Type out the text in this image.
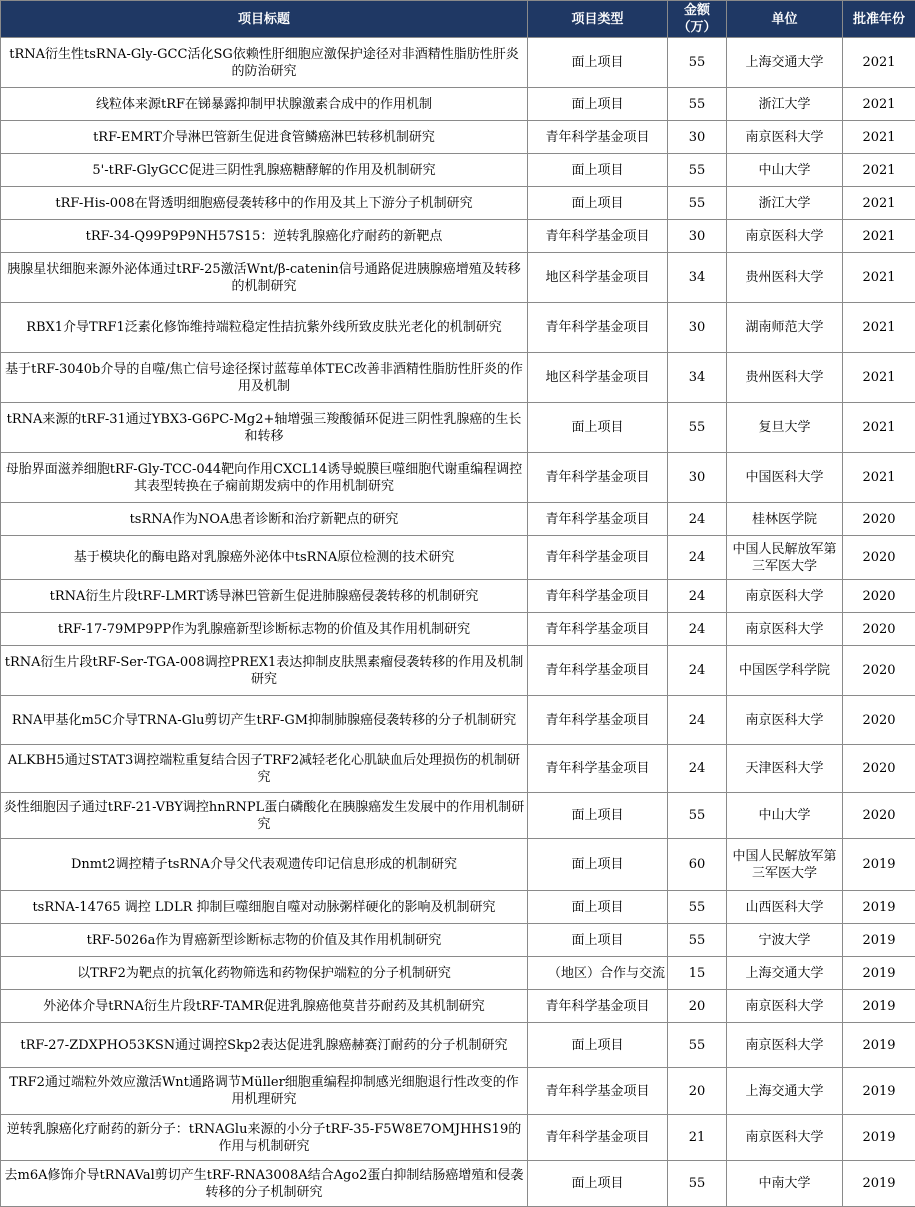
项目标题	项目类型	金额（万）	单位	批准年份
tRNA衍生性tsRNA-Gly-GCC活化SG依赖性肝细胞应激保护途径对非酒精性脂肪性肝炎的防治研究	面上项目	55	上海交通大学	2021
线粒体来源tRF在锑暴露抑制甲状腺激素合成中的作用机制	面上项目	55	浙江大学	2021
tRF-EMRT介导淋巴管新生促进食管鳞癌淋巴转移机制研究	青年科学基金项目	30	南京医科大学	2021
5'-tRF-GlyGCC促进三阴性乳腺癌糖酵解的作用及机制研究	面上项目	55	中山大学	2021
tRF-His-008在肾透明细胞癌侵袭转移中的作用及其上下游分子机制研究	面上项目	55	浙江大学	2021
tRF-34-Q99P9P9NH57S15：逆转乳腺癌化疗耐药的新靶点	青年科学基金项目	30	南京医科大学	2021
胰腺星状细胞来源外泌体通过tRF-25激活Wnt/β-catenin信号通路促进胰腺癌增殖及转移的机制研究	地区科学基金项目	34	贵州医科大学	2021
RBX1介导TRF1泛素化修饰维持端粒稳定性拮抗紫外线所致皮肤光老化的机制研究	青年科学基金项目	30	湖南师范大学	2021
基于tRF-3040b介导的自噬/焦亡信号途径探讨蓝莓单体TEC改善非酒精性脂肪性肝炎的作用及机制	地区科学基金项目	34	贵州医科大学	2021
tRNA来源的tRF-31通过YBX3-G6PC-Mg2+轴增强三羧酸循环促进三阴性乳腺癌的生长和转移	面上项目	55	复旦大学	2021
母胎界面滋养细胞tRF-Gly-TCC-044靶向作用CXCL14诱导蜕膜巨噬细胞代谢重编程调控其表型转换在子痫前期发病中的作用机制研究	青年科学基金项目	30	中国医科大学	2021
tsRNA作为NOA患者诊断和治疗新靶点的研究	青年科学基金项目	24	桂林医学院	2020
基于模块化的酶电路对乳腺癌外泌体中tsRNA原位检测的技术研究	青年科学基金项目	24	中国人民解放军第三军医大学	2020
tRNA衍生片段tRF-LMRT诱导淋巴管新生促进肺腺癌侵袭转移的机制研究	青年科学基金项目	24	南京医科大学	2020
tRF-17-79MP9PP作为乳腺癌新型诊断标志物的价值及其作用机制研究	青年科学基金项目	24	南京医科大学	2020
tRNA衍生片段tRF-Ser-TGA-008调控PREX1表达抑制皮肤黑素瘤侵袭转移的作用及机制研究	青年科学基金项目	24	中国医学科学院	2020
RNA甲基化m5C介导TRNA-Glu剪切产生tRF-GM抑制肺腺癌侵袭转移的分子机制研究	青年科学基金项目	24	南京医科大学	2020
ALKBH5通过STAT3调控端粒重复结合因子TRF2减轻老化心肌缺血后处理损伤的机制研究	青年科学基金项目	24	天津医科大学	2020
炎性细胞因子通过tRF-21-VBY调控hnRNPL蛋白磷酸化在胰腺癌发生发展中的作用机制研究	面上项目	55	中山大学	2020
Dnmt2调控精子tsRNA介导父代表观遗传印记信息形成的机制研究	面上项目	60	中国人民解放军第三军医大学	2019
tsRNA-14765 调控 LDLR 抑制巨噬细胞自噬对动脉粥样硬化的影响及机制研究	面上项目	55	山西医科大学	2019
tRF-5026a作为胃癌新型诊断标志物的价值及其作用机制研究	面上项目	55	宁波大学	2019
以TRF2为靶点的抗氧化药物筛选和药物保护端粒的分子机制研究	（地区）合作与交流	15	上海交通大学	2019
外泌体介导tRNA衍生片段tRF-TAMR促进乳腺癌他莫昔芬耐药及其机制研究	青年科学基金项目	20	南京医科大学	2019
tRF-27-ZDXPHO53KSN通过调控Skp2表达促进乳腺癌赫赛汀耐药的分子机制研究	面上项目	55	南京医科大学	2019
TRF2通过端粒外效应激活Wnt通路调节Müller细胞重编程抑制感光细胞退行性改变的作用机理研究	青年科学基金项目	20	上海交通大学	2019
逆转乳腺癌化疗耐药的新分子：tRNAGlu来源的小分子tRF-35-F5W8E7OMJHHS19的作用与机制研究	青年科学基金项目	21	南京医科大学	2019
去m6A修饰介导tRNAVal剪切产生tRF-RNA3008A结合Ago2蛋白抑制结肠癌增殖和侵袭转移的分子机制研究	面上项目	55	中南大学	2019
